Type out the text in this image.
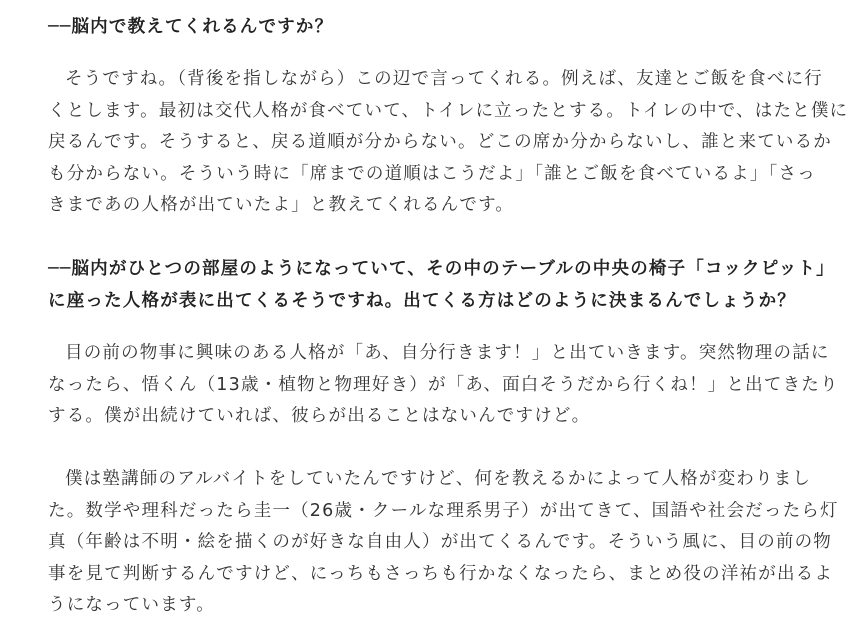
──脳内で教えてくれるんですか？

そうですね。（背後を指しながら）この辺で言ってくれる。例えば、友達とご飯を食べに行
くとします。最初は交代人格が食べていて、トイレに立ったとする。トイレの中で、はたと僕に
戻るんです。そうすると、戻る道順が分からない。どこの席か分からないし、誰と来ているか
も分からない。そういう時に「席までの道順はこうだよ」「誰とご飯を食べているよ」「さっ
きまであの人格が出ていたよ」と教えてくれるんです。

──脳内がひとつの部屋のようになっていて、その中のテーブルの中央の椅子「コックピット」
に座った人格が表に出てくるそうですね。出てくる方はどのように決まるんでしょうか？

目の前の物事に興味のある人格が「あ、自分行きます！」と出ていきます。突然物理の話に
なったら、悟くん（13歳・植物と物理好き）が「あ、面白そうだから行くね！」と出てきたり
する。僕が出続けていれば、彼らが出ることはないんですけど。

僕は塾講師のアルバイトをしていたんですけど、何を教えるかによって人格が変わりまし
た。数学や理科だったら圭一（26歳・クールな理系男子）が出てきて、国語や社会だったら灯
真（年齢は不明・絵を描くのが好きな自由人）が出てくるんです。そういう風に、目の前の物
事を見て判断するんですけど、にっちもさっちも行かなくなったら、まとめ役の洋祐が出るよ
うになっています。
